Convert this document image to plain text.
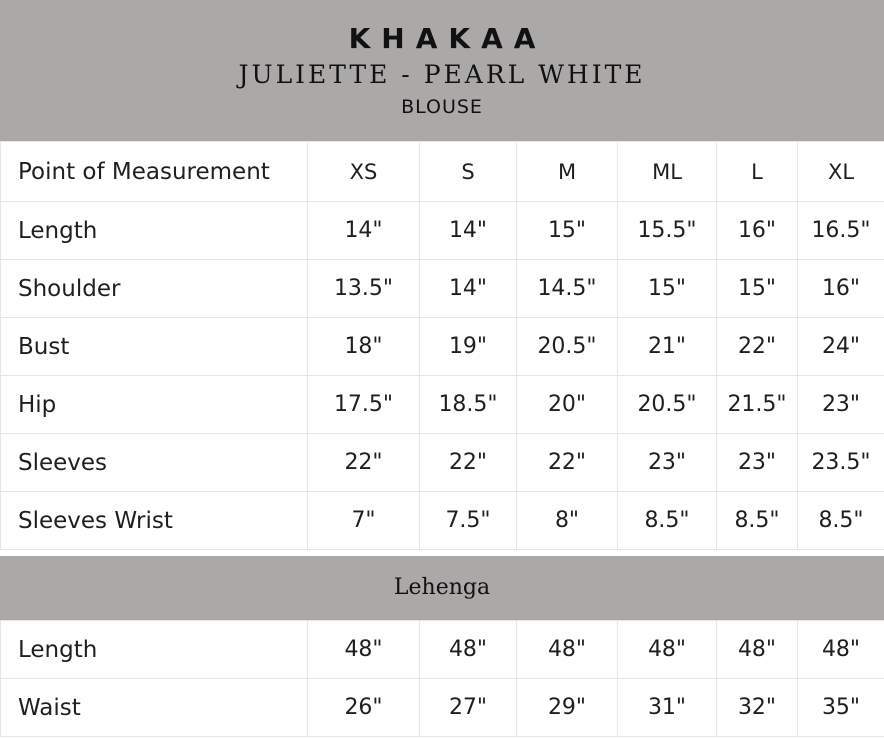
KHAKAA
JULIETTE - PEARL WHITE
BLOUSE
Point of Measurement	XS	S	M	ML	L	XL
Length	14"	14"	15"	15.5"	16"	16.5"
Shoulder	13.5"	14"	14.5"	15"	15"	16"
Bust	18"	19"	20.5"	21"	22"	24"
Hip	17.5"	18.5"	20"	20.5"	21.5"	23"
Sleeves	22"	22"	22"	23"	23"	23.5"
Sleeves Wrist	7"	7.5"	8"	8.5"	8.5"	8.5"
Lehenga
Length	48"	48"	48"	48"	48"	48"
Waist	26"	27"	29"	31"	32"	35"
